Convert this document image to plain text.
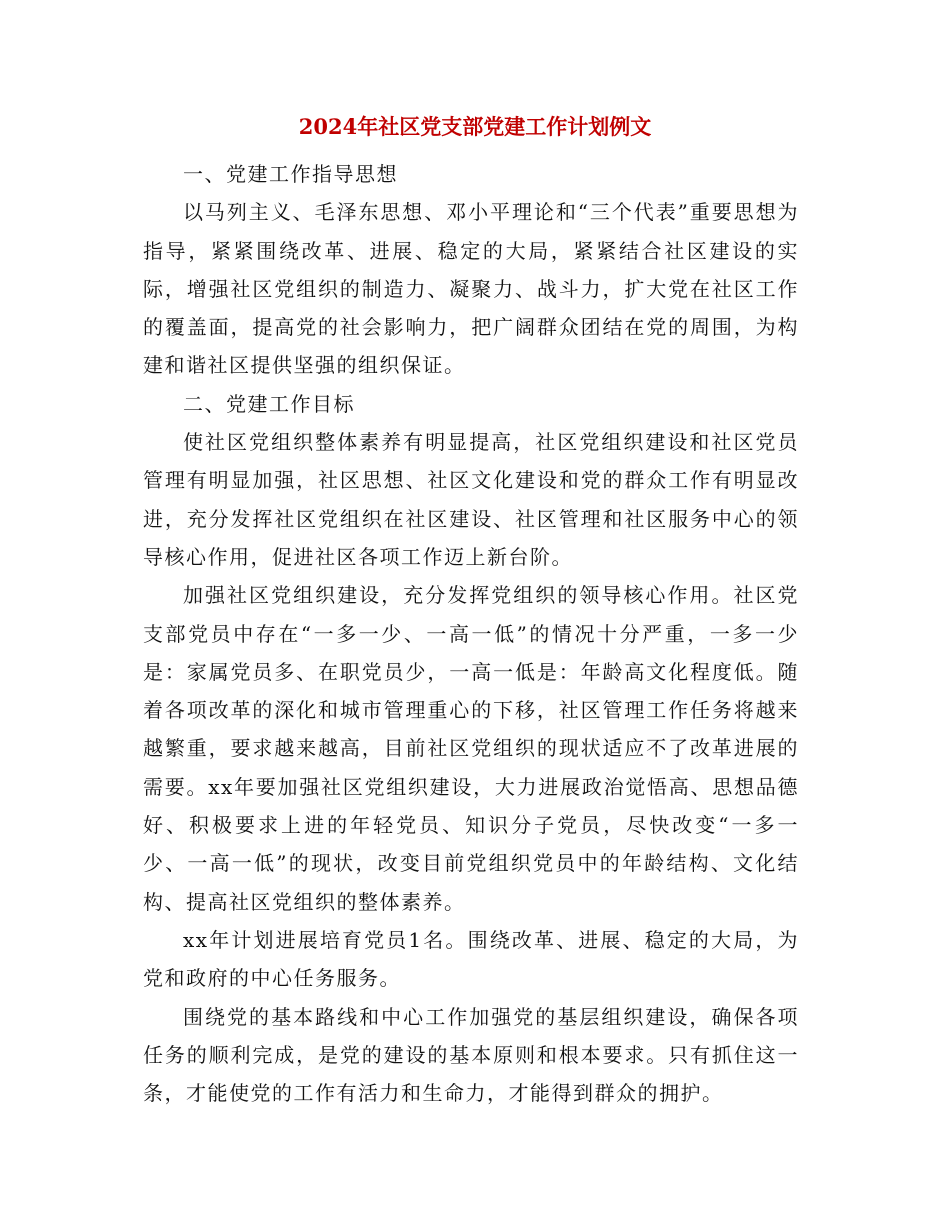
2024年社区党支部党建工作计划例文

一、党建工作指导思想

以马列主义、毛泽东思想、邓小平理论和“三个代表”重要思想为指导，紧紧围绕改革、进展、稳定的大局，紧紧结合社区建设的实际，增强社区党组织的制造力、凝聚力、战斗力，扩大党在社区工作的覆盖面，提高党的社会影响力，把广阔群众团结在党的周围，为构建和谐社区提供坚强的组织保证。

二、党建工作目标

使社区党组织整体素养有明显提高，社区党组织建设和社区党员管理有明显加强，社区思想、社区文化建设和党的群众工作有明显改进，充分发挥社区党组织在社区建设、社区管理和社区服务中心的领导核心作用，促进社区各项工作迈上新台阶。

加强社区党组织建设，充分发挥党组织的领导核心作用。社区党支部党员中存在“一多一少、一高一低”的情况十分严重，一多一少是：家属党员多、在职党员少，一高一低是：年龄高文化程度低。随着各项改革的深化和城市管理重心的下移，社区管理工作任务将越来越繁重，要求越来越高，目前社区党组织的现状适应不了改革进展的需要。xx年要加强社区党组织建设，大力进展政治觉悟高、思想品德好、积极要求上进的年轻党员、知识分子党员，尽快改变“一多一少、一高一低”的现状，改变目前党组织党员中的年龄结构、文化结构、提高社区党组织的整体素养。

xx年计划进展培育党员1名。围绕改革、进展、稳定的大局，为党和政府的中心任务服务。

围绕党的基本路线和中心工作加强党的基层组织建设，确保各项任务的顺利完成，是党的建设的基本原则和根本要求。只有抓住这一条，才能使党的工作有活力和生命力，才能得到群众的拥护。
